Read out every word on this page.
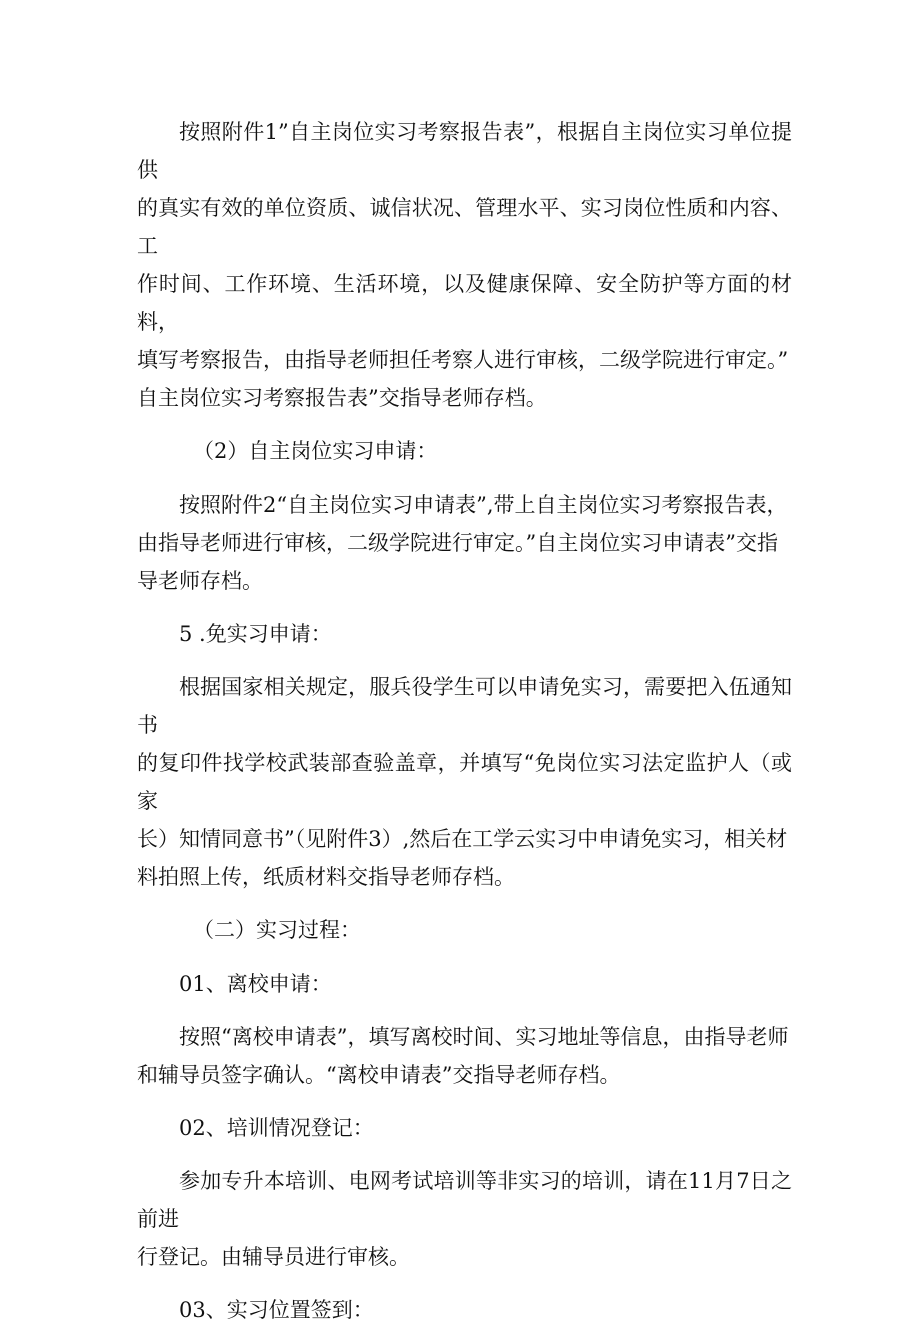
按照附件1”自主岗位实习考察报告表”，根据自主岗位实习单位提供
的真实有效的单位资质、诚信状况、管理水平、实习岗位性质和内容、工
作时间、工作环境、生活环境，以及健康保障、安全防护等方面的材料，
填写考察报告，由指导老师担任考察人进行审核，二级学院进行审定。”
自主岗位实习考察报告表”交指导老师存档。

（2）自主岗位实习申请：

按照附件2“自主岗位实习申请表”,带上自主岗位实习考察报告表，
由指导老师进行审核，二级学院进行审定。”自主岗位实习申请表”交指
导老师存档。

5 .免实习申请：

根据国家相关规定，服兵役学生可以申请免实习，需要把入伍通知书
的复印件找学校武装部查验盖章，并填写“免岗位实习法定监护人（或家
长）知情同意书”（见附件3）,然后在工学云实习中申请免实习，相关材
料拍照上传，纸质材料交指导老师存档。

（二）实习过程：

01、离校申请：

按照“离校申请表”，填写离校时间、实习地址等信息，由指导老师
和辅导员签字确认。“离校申请表”交指导老师存档。

02、培训情况登记：

参加专升本培训、电网考试培训等非实习的培训，请在11月7日之前进
行登记。由辅导员进行审核。

03、实习位置签到：
